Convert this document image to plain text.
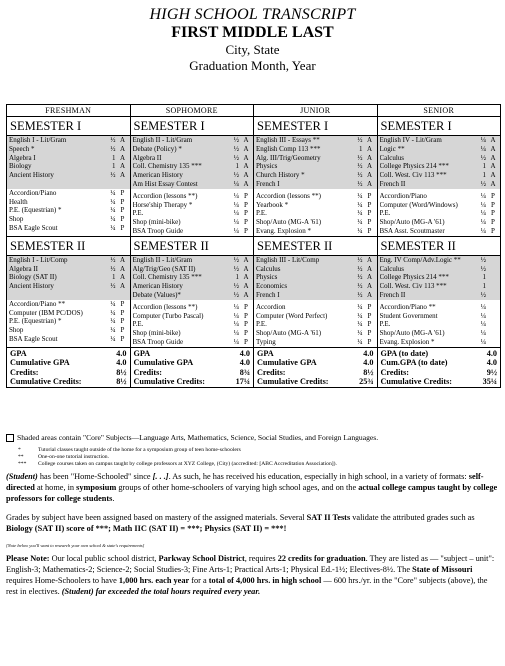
HIGH SCHOOL TRANSCRIPT
FIRST MIDDLE LAST
City, State
Graduation Month, Year
FRESHMAN	SOPHOMORE	JUNIOR	SENIOR
SEMESTER I
English I - Lit/Gram	½ A
Speech *	½ A
Algebra I	1 A
Biology	1 A
Ancient History	½ A
Accordion/Piano	¼ P
Health	¼ P
P.E. (Equestrian) *	¼ P
Shop	¼ P
BSA Eagle Scout	¼ P
SEMESTER I
English II - Lit/Gram	½ A
Debate (Policy) *	½ A
Algebra II	½ A
Coll. Chemistry 135 ***	1 A
American History	½ A
Am Hist Essay Contest	¼ A
Accordion (lessons **)	¼ P
Horse'ship Therapy *	¼ P
P.E.	¼ P
Shop (mini-bike)	¼ P
BSA Troop Guide	¼ P
SEMESTER I
English III - Essays **	½ A
English Comp 113 ***	1 A
Alg. III/Trig/Geometry	½ A
Physics	½ A
Church History *	½ A
French I	½ A
Accordion (lessons **)	¼ P
Yearbook *	¼ P
P.E.	¼ P
Shop/Auto (MG-A '61)	¼ P
Evang. Explosion *	¼ P
SEMESTER I
English IV - Lit/Gram	¼ A
Logic **	¼ A
Calculus	½ A
College Physics 214 ***	1 A
Coll. West. Civ 113 ***	1 A
French II	½ A
Accordion/Piano	¼ P
Computer (Word/Windows)	¼ P
P.E.	¼ P
Shop/Auto (MG-A '61)	¼ P
BSA Asst. Scoutmaster	¼ P
SEMESTER II
English I - Lit/Comp	½ A
Algebra II	½ A
Biology (SAT II)	1 A
Ancient History	½ A
Accordion/Piano **	¼ P
Computer (IBM PC/DOS)	¼ P
P.E. (Equestrian) *	¼ P
Shop	¼ P
BSA Eagle Scout	¼ P
SEMESTER II
English II - Lit/Gram	½ A
Alg/Trig/Geo (SAT II)	½ A
Coll. Chemistry 135 ***	1 A
American History	½ A
Debate (Values)*	½ A
Accordion (lessons **)	¼ P
Computer (Turbo Pascal)	¼ P
P.E.	¼ P
Shop (mini-bike)	¼ P
BSA Troop Guide	¼ P
SEMESTER II
English III - Lit/Comp	½ A
Calculus	½ A
Physics	½ A
Economics	½ A
French I	½ A
Accordion	¼ P
Computer (Word Perfect)	¼ P
P.E.	¼ P
Shop/Auto (MG-A '61)	¼ P
Typing	¼ P
SEMESTER II
Eng. IV Comp/Adv.Logic **	½
Calculus	½
College Physics 214 ***	1
Coll. West. Civ 113 ***	1
French II	½
Accordion/Piano **	¼
Student Government	¼
P.E.	¼
Shop/Auto (MG-A '61)	¼
Evang. Explosion *	¼
GPA	4.0
Cumulative GPA	4.0
Credits:	8½
Cumulative Credits:	8½
GPA	4.0
Cumulative GPA	4.0
Credits:	8¾
Cumulative Credits:	17¼
GPA	4.0
Cumulative GPA	4.0
Credits:	8½
Cumulative Credits:	25¾
GPA (to date)	4.0
Cum.GPA (to date)	4.0
Credits:	9½
Cumulative Credits:	35¼
Shaded areas contain "Core" Subjects—Language Arts, Mathematics, Science, Social Studies, and Foreign Languages.
*	Tutorial classes taught outside of the home for a symposium group of teen home-schoolers
**	One-on-one tutorial instruction.
***	College courses taken on campus taught by college professors at XYZ College, (City) (accredited: [ABC Accreditation Association]).
(Student) has been "Home-Schooled" since [. . .]. As such, he has received his education, especially in high school, in a variety of formats: self-directed at home, in symposium groups of other home-schoolers of varying high school ages, and on the actual college campus taught by college professors for college students.
Grades by subject have been assigned based on mastery of the assigned materials. Several SAT II Tests validate the attributed grades such as Biology (SAT II) score of ***; Math IIC (SAT II) = ***; Physics (SAT II) = ***!
[Note below you'll want to research your own school & state's requirements]
Please Note: Our local public school district, Parkway School District, requires 22 credits for graduation. They are listed as — "subject – unit": English-3; Mathematics-2; Science-2; Social Studies-3; Fine Arts-1; Practical Arts-1; Physical Ed.-1½; Electives-8½. The State of Missouri requires Home-Schoolers to have 1,000 hrs. each year for a total of 4,000 hrs. in high school — 600 hrs./yr. in the "Core" subjects (above), the rest in electives. (Student) far exceeded the total hours required every year.
